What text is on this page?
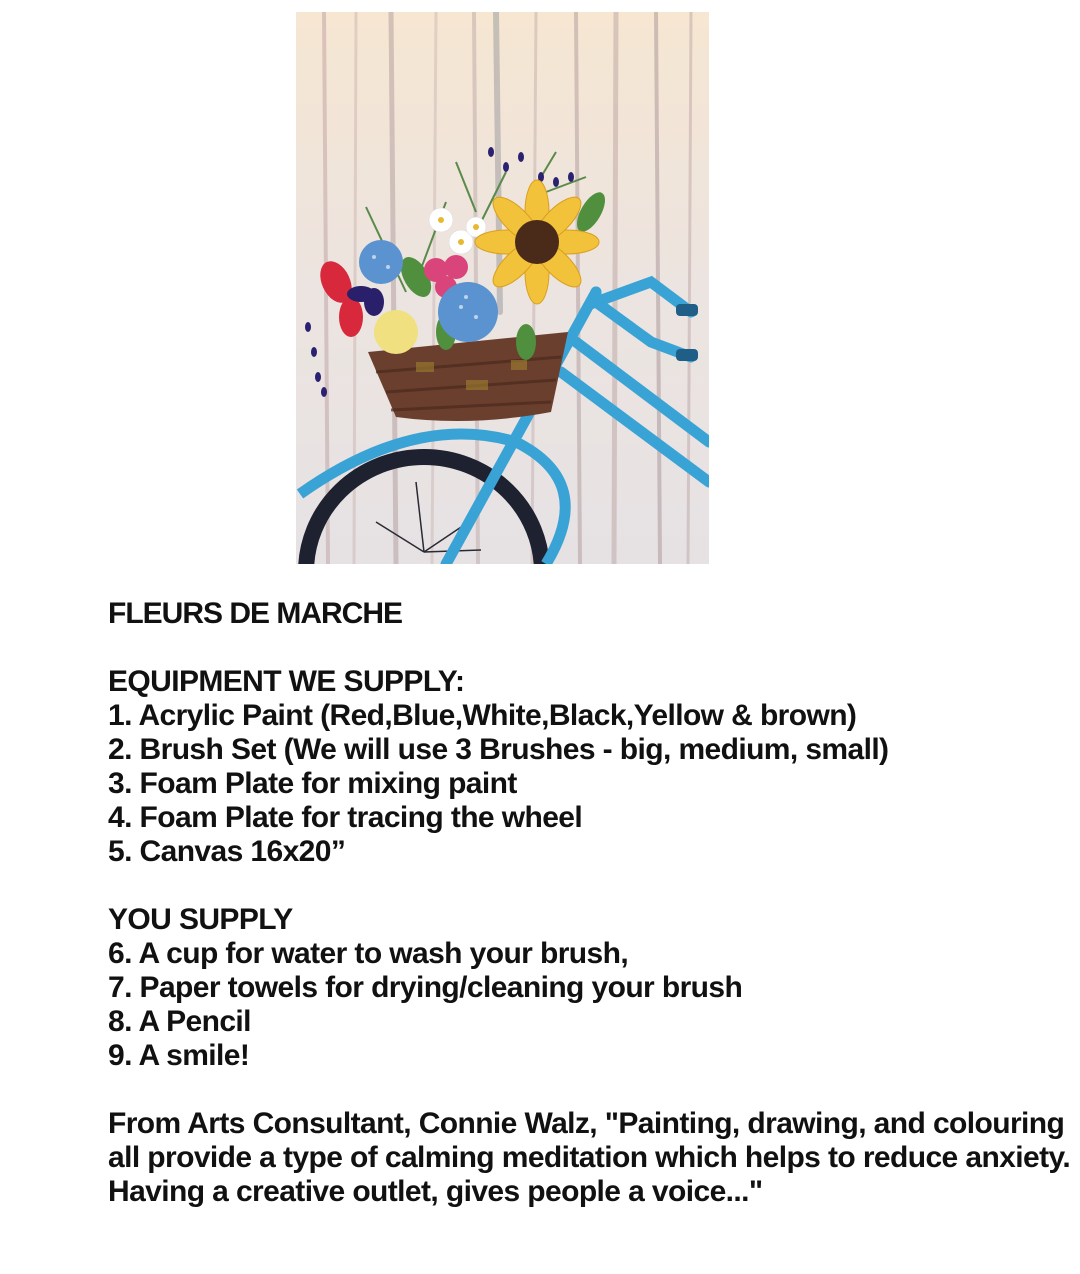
FLEURS DE MARCHE
EQUIPMENT WE SUPPLY:
1. Acrylic Paint (Red,Blue,White,Black,Yellow & brown)
2. Brush Set (We will use 3 Brushes - big, medium, small)
3. Foam Plate for mixing paint
4. Foam Plate for tracing the wheel
5. Canvas 16x20”
YOU SUPPLY
6. A cup for water to wash your brush,
7. Paper towels for drying/cleaning your brush
8. A Pencil
9. A smile!

From Arts Consultant, Connie Walz, "Painting, drawing, and colouring all provide a type of calming meditation which helps to reduce anxiety. Having a creative outlet, gives people a voice..."
